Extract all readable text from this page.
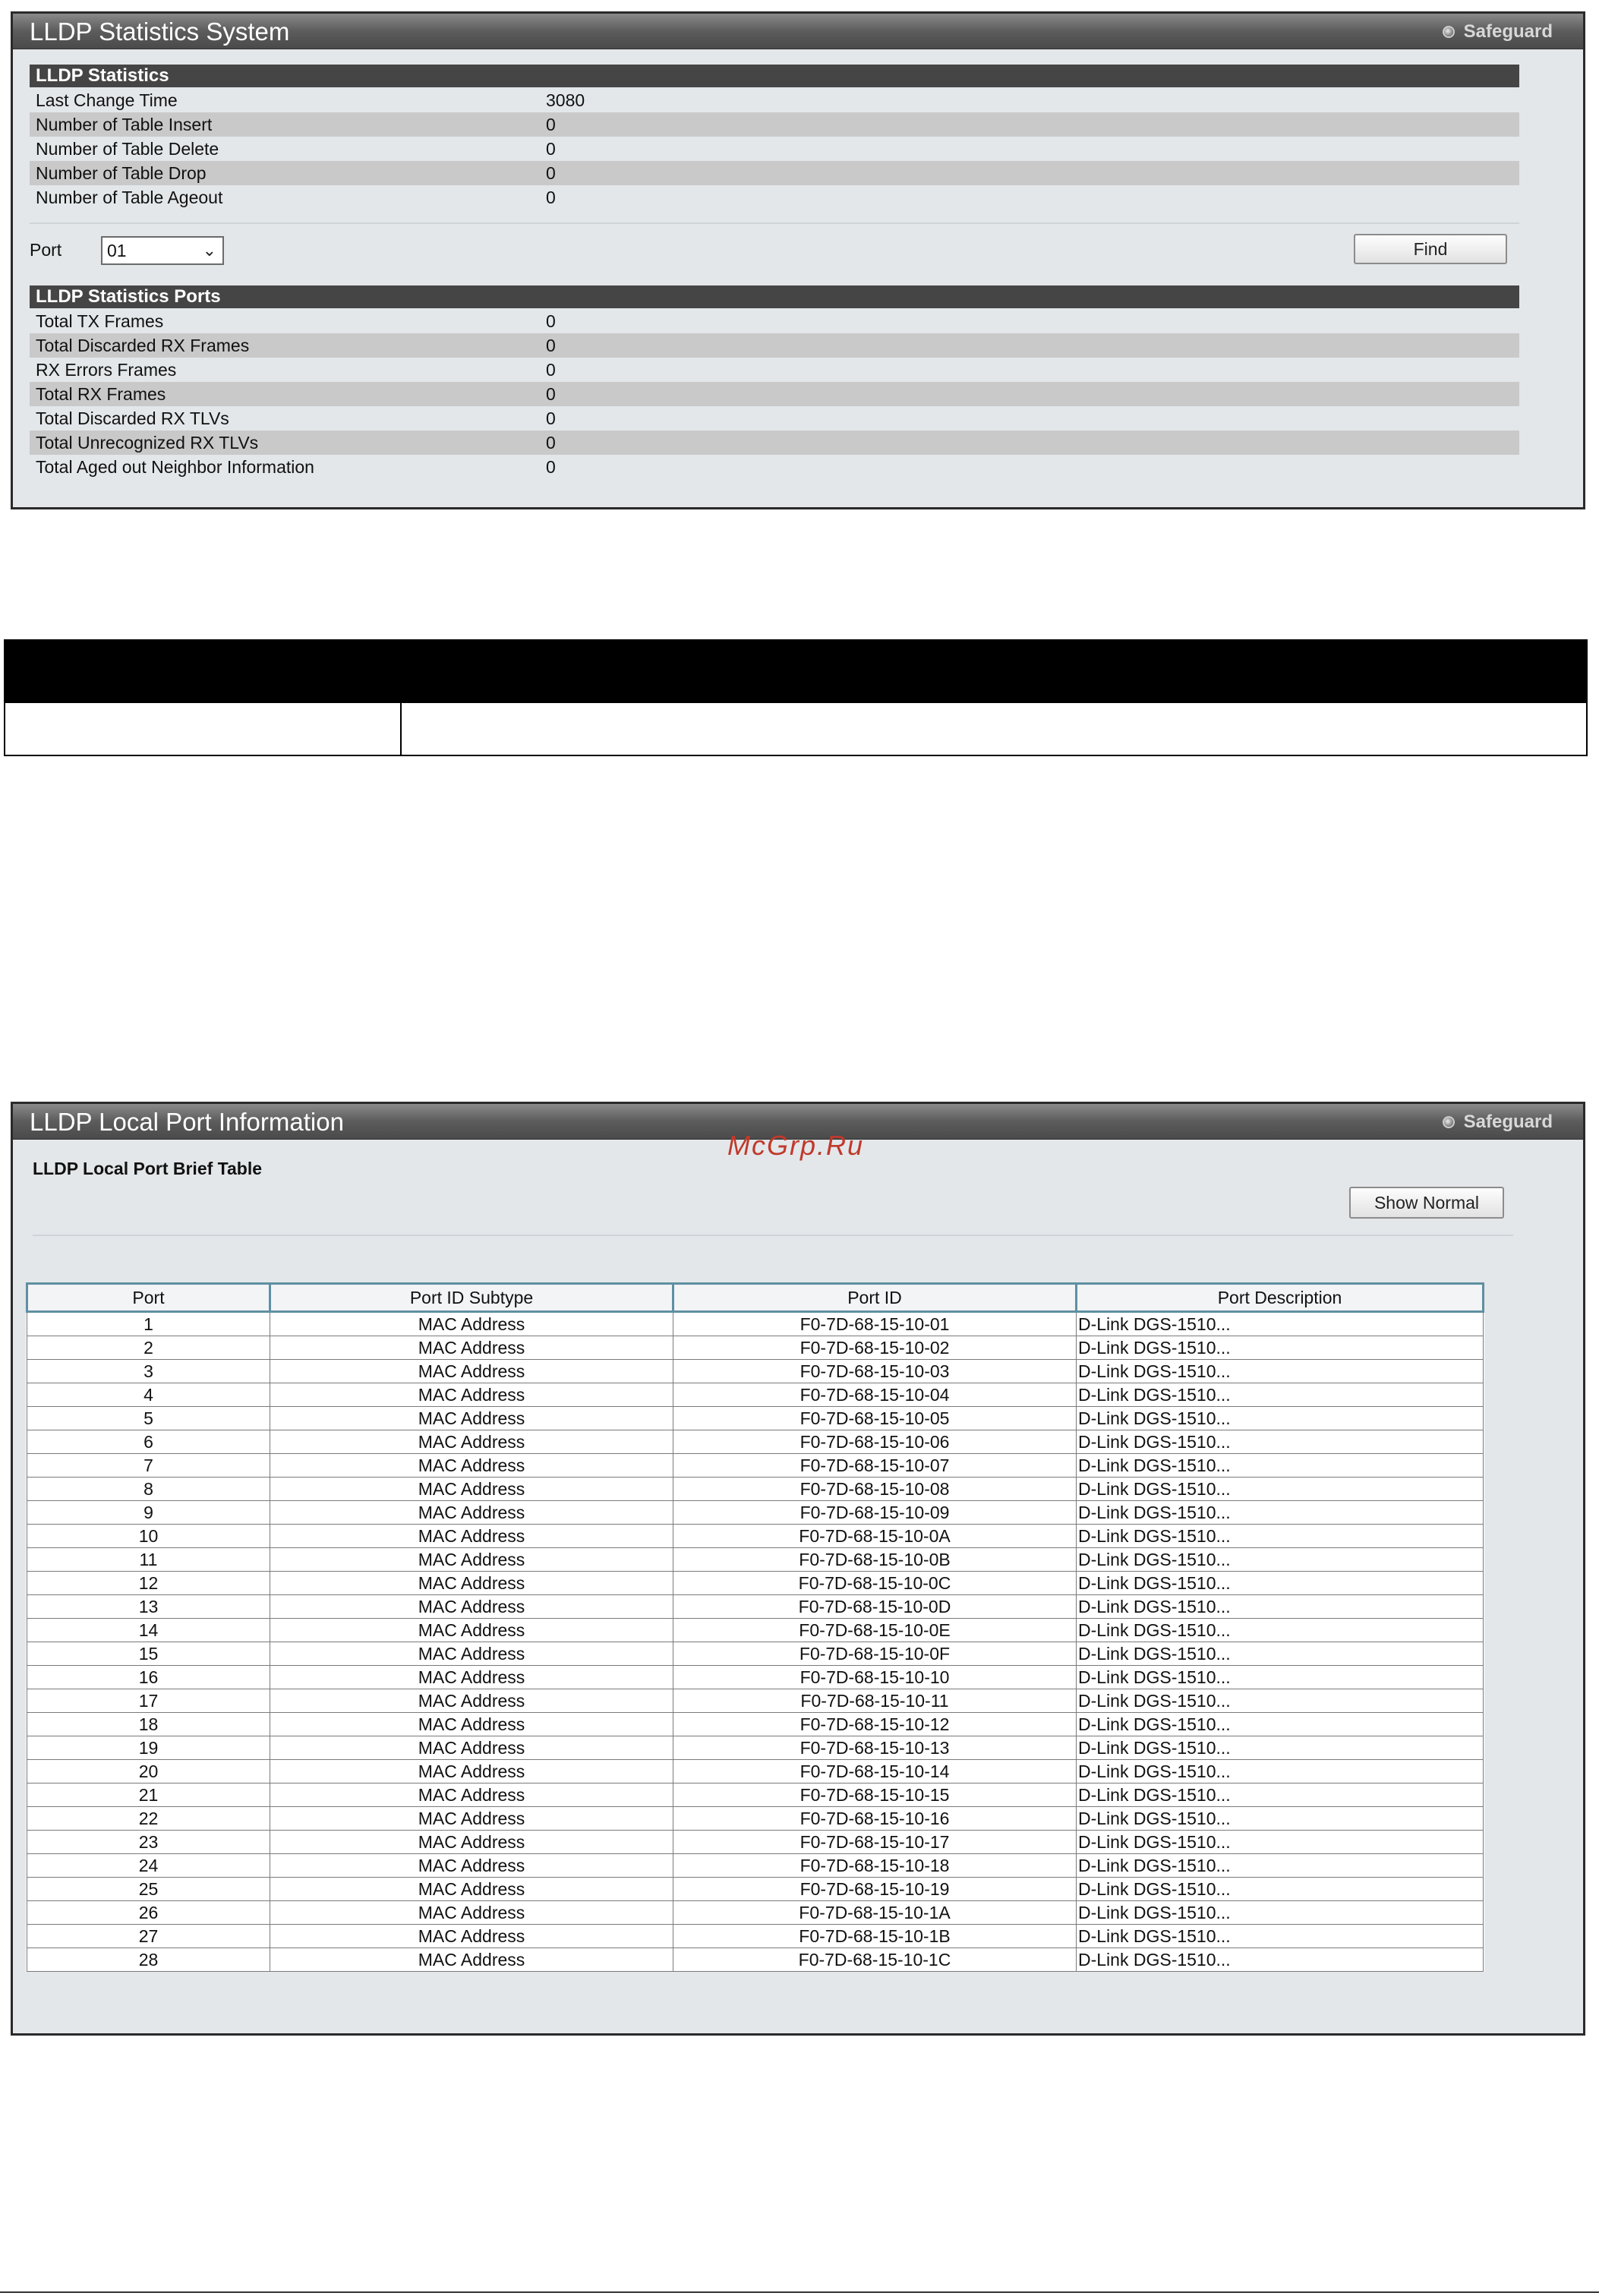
LLDP Statistics System	Safeguard
LLDP Statistics
Last Change Time	3080
Number of Table Insert	0
Number of Table Delete	0
Number of Table Drop	0
Number of Table Ageout	0
Port	01	⌄	Find
LLDP Statistics Ports
Total TX Frames	0
Total Discarded RX Frames	0
RX Errors Frames	0
Total RX Frames	0
Total Discarded RX TLVs	0
Total Unrecognized RX TLVs	0
Total Aged out Neighbor Information	0
LLDP Local Port Information	Safeguard
LLDP Local Port Brief Table
Show Normal
McGrp.Ru
Port	Port ID Subtype	Port ID	Port Description
1	MAC Address	F0-7D-68-15-10-01	D-Link DGS-1510...
2	MAC Address	F0-7D-68-15-10-02	D-Link DGS-1510...
3	MAC Address	F0-7D-68-15-10-03	D-Link DGS-1510...
4	MAC Address	F0-7D-68-15-10-04	D-Link DGS-1510...
5	MAC Address	F0-7D-68-15-10-05	D-Link DGS-1510...
6	MAC Address	F0-7D-68-15-10-06	D-Link DGS-1510...
7	MAC Address	F0-7D-68-15-10-07	D-Link DGS-1510...
8	MAC Address	F0-7D-68-15-10-08	D-Link DGS-1510...
9	MAC Address	F0-7D-68-15-10-09	D-Link DGS-1510...
10	MAC Address	F0-7D-68-15-10-0A	D-Link DGS-1510...
11	MAC Address	F0-7D-68-15-10-0B	D-Link DGS-1510...
12	MAC Address	F0-7D-68-15-10-0C	D-Link DGS-1510...
13	MAC Address	F0-7D-68-15-10-0D	D-Link DGS-1510...
14	MAC Address	F0-7D-68-15-10-0E	D-Link DGS-1510...
15	MAC Address	F0-7D-68-15-10-0F	D-Link DGS-1510...
16	MAC Address	F0-7D-68-15-10-10	D-Link DGS-1510...
17	MAC Address	F0-7D-68-15-10-11	D-Link DGS-1510...
18	MAC Address	F0-7D-68-15-10-12	D-Link DGS-1510...
19	MAC Address	F0-7D-68-15-10-13	D-Link DGS-1510...
20	MAC Address	F0-7D-68-15-10-14	D-Link DGS-1510...
21	MAC Address	F0-7D-68-15-10-15	D-Link DGS-1510...
22	MAC Address	F0-7D-68-15-10-16	D-Link DGS-1510...
23	MAC Address	F0-7D-68-15-10-17	D-Link DGS-1510...
24	MAC Address	F0-7D-68-15-10-18	D-Link DGS-1510...
25	MAC Address	F0-7D-68-15-10-19	D-Link DGS-1510...
26	MAC Address	F0-7D-68-15-10-1A	D-Link DGS-1510...
27	MAC Address	F0-7D-68-15-10-1B	D-Link DGS-1510...
28	MAC Address	F0-7D-68-15-10-1C	D-Link DGS-1510...
